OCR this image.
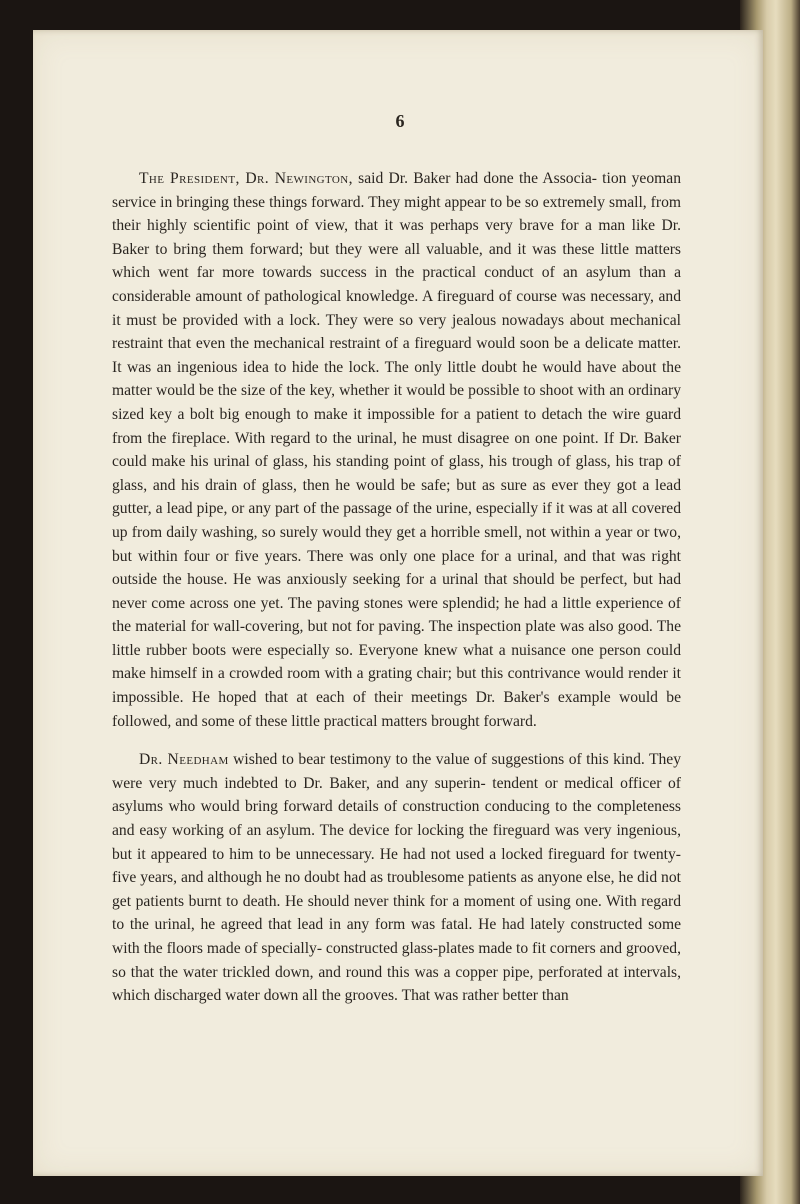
6

The President, Dr. Newington, said Dr. Baker had done the Associa- tion yeoman service in bringing these things forward. They might appear to be so extremely small, from their highly scientific point of view, that it was perhaps very brave for a man like Dr. Baker to bring them forward; but they were all valuable, and it was these little matters which went far more towards success in the practical conduct of an asylum than a considerable amount of pathological knowledge. A fireguard of course was necessary, and it must be provided with a lock. They were so very jealous nowadays about mechanical restraint that even the mechanical restraint of a fireguard would soon be a delicate matter. It was an ingenious idea to hide the lock. The only little doubt he would have about the matter would be the size of the key, whether it would be possible to shoot with an ordinary sized key a bolt big enough to make it impossible for a patient to detach the wire guard from the fireplace. With regard to the urinal, he must disagree on one point. If Dr. Baker could make his urinal of glass, his standing point of glass, his trough of glass, his trap of glass, and his drain of glass, then he would be safe; but as sure as ever they got a lead gutter, a lead pipe, or any part of the passage of the urine, especially if it was at all covered up from daily washing, so surely would they get a horrible smell, not within a year or two, but within four or five years. There was only one place for a urinal, and that was right outside the house. He was anxiously seeking for a urinal that should be perfect, but had never come across one yet. The paving stones were splendid; he had a little experience of the material for wall-covering, but not for paving. The inspection plate was also good. The little rubber boots were especially so. Everyone knew what a nuisance one person could make himself in a crowded room with a grating chair; but this contrivance would render it impossible. He hoped that at each of their meetings Dr. Baker's example would be followed, and some of these little practical matters brought forward.

Dr. Needham wished to bear testimony to the value of suggestions of this kind. They were very much indebted to Dr. Baker, and any superin- tendent or medical officer of asylums who would bring forward details of construction conducing to the completeness and easy working of an asylum. The device for locking the fireguard was very ingenious, but it appeared to him to be unnecessary. He had not used a locked fireguard for twenty-five years, and although he no doubt had as troublesome patients as anyone else, he did not get patients burnt to death. He should never think for a moment of using one. With regard to the urinal, he agreed that lead in any form was fatal. He had lately constructed some with the floors made of specially- constructed glass-plates made to fit corners and grooved, so that the water trickled down, and round this was a copper pipe, perforated at intervals, which discharged water down all the grooves. That was rather better than
